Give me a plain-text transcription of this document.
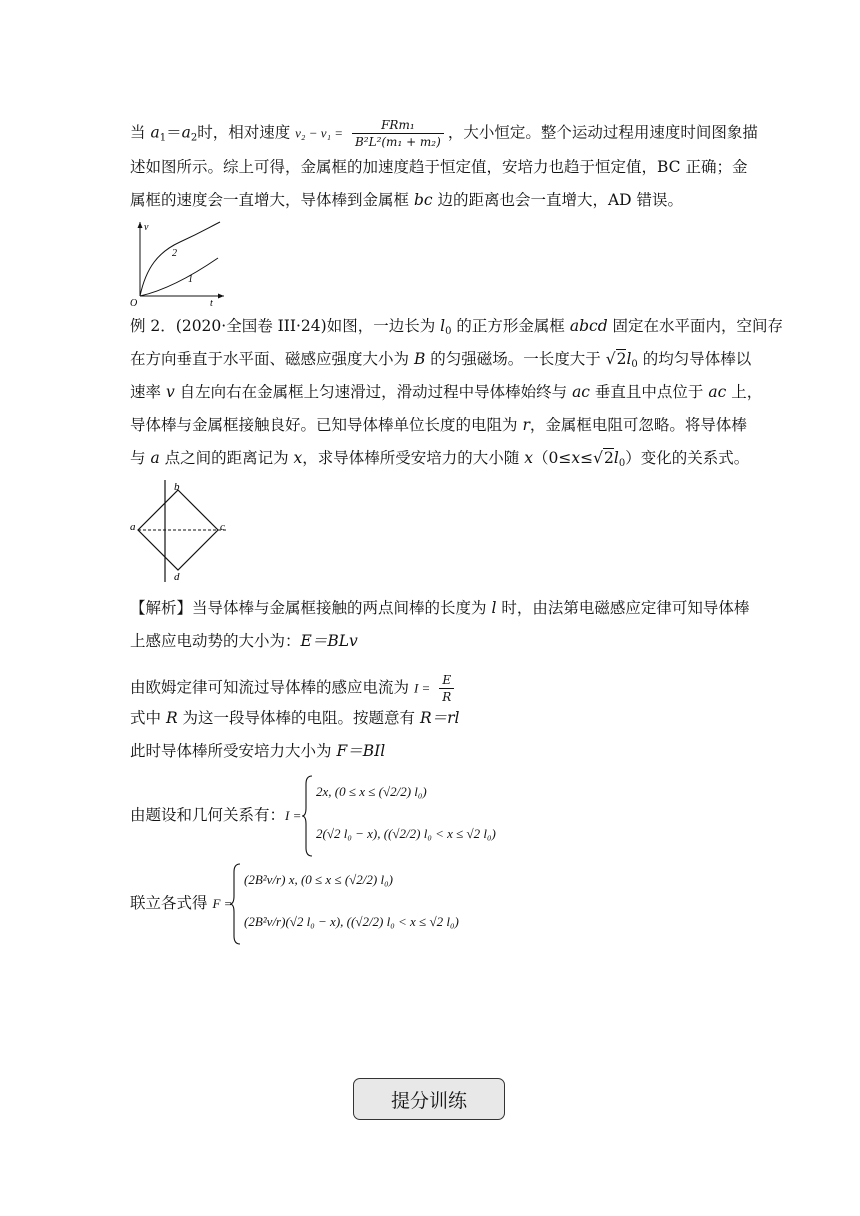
当 $a_1=a_2$时，相对速度 $v_2 - v_1 = \frac{\text{FRm₁}}{\text{B²L²(m₁ + m₂)}}$ ，大小恒定。整个运动过程用速度时间图象描
述如图所示。综上可得，金属框的加速度趋于恒定值，安培力也趋于恒定值，BC 正确；金
属框的速度会一直增大，导体棒到金属框 bc 边的距离也会一直增大，AD 错误。
v
t
O
2
1
例 2．(2020·全国卷 III·24)如图，一边长为 $l_0$ 的正方形金属框 abcd 固定在水平面内，空间存
在方向垂直于水平面、磁感应强度大小为 B 的匀强磁场。一长度大于 $√2l_0$ 的均匀导体棒以
速率 v 自左向右在金属框上匀速滑过，滑动过程中导体棒始终与 ac 垂直且中点位于 ac 上，
导体棒与金属框接触良好。已知导体棒单位长度的电阻为 r，金属框电阻可忽略。将导体棒
与 a 点之间的距离记为 x，求导体棒所受安培力的大小随 $x(0\le x\le√2l_0)$变化的关系式。
a
b
c
d
【解析】当导体棒与金属框接触的两点间棒的长度为 l 时，由法第电磁感应定律可知导体棒
上感应电动势的大小为：E＝BLv
由欧姆定律可知流过导体棒的感应电流为 $I = \frac{E}{R}$
式中 R 为这一段导体棒的电阻。按题意有 R＝rl
此时导体棒所受安培力大小为 F＝BIl
由题设和几何关系有：I =
2x, (0 ≤ x ≤ (√2/2) l₀)
2(√2 l₀ − x), ((√2/2) l₀ < x ≤ √2 l₀)
联立各式得 F =
(2B²v/r) x, (0 ≤ x ≤ (√2/2) l₀)
(2B²v/r)(√2 l₀ − x), ((√2/2) l₀ < x ≤ √2 l₀)
提分训练
